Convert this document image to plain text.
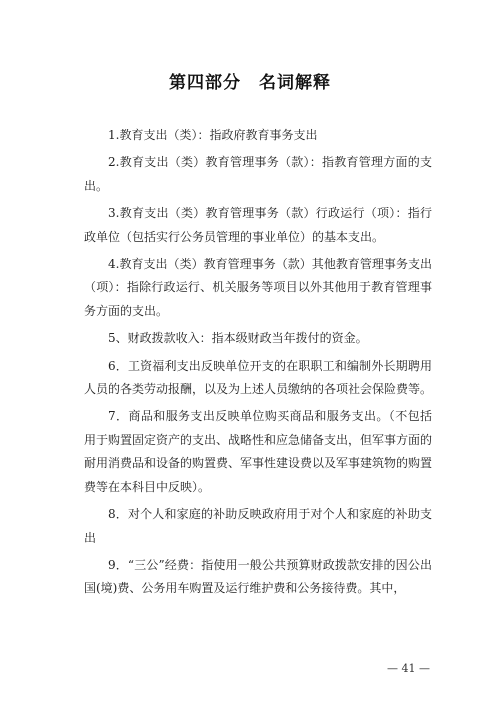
第四部分　名词解释

1.教育支出（类）：指政府教育事务支出

2.教育支出（类）教育管理事务（款）：指教育管理方面的支出。

3.教育支出（类）教育管理事务（款）行政运行（项）：指行政单位（包括实行公务员管理的事业单位）的基本支出。

4.教育支出（类）教育管理事务（款）其他教育管理事务支出（项）：指除行政运行、机关服务等项目以外其他用于教育管理事务方面的支出。

5、财政拨款收入：指本级财政当年拨付的资金。

6．工资福利支出反映单位开支的在职职工和编制外长期聘用人员的各类劳动报酬，以及为上述人员缴纳的各项社会保险费等。

7．商品和服务支出反映单位购买商品和服务支出。（不包括用于购置固定资产的支出、战略性和应急储备支出，但军事方面的耐用消费品和设备的购置费、军事性建设费以及军事建筑物的购置费等在本科目中反映）。

8．对个人和家庭的补助反映政府用于对个人和家庭的补助支出

9．“三公”经费：指使用一般公共预算财政拨款安排的因公出国(境)费、公务用车购置及运行维护费和公务接待费。其中，

— 41 —
